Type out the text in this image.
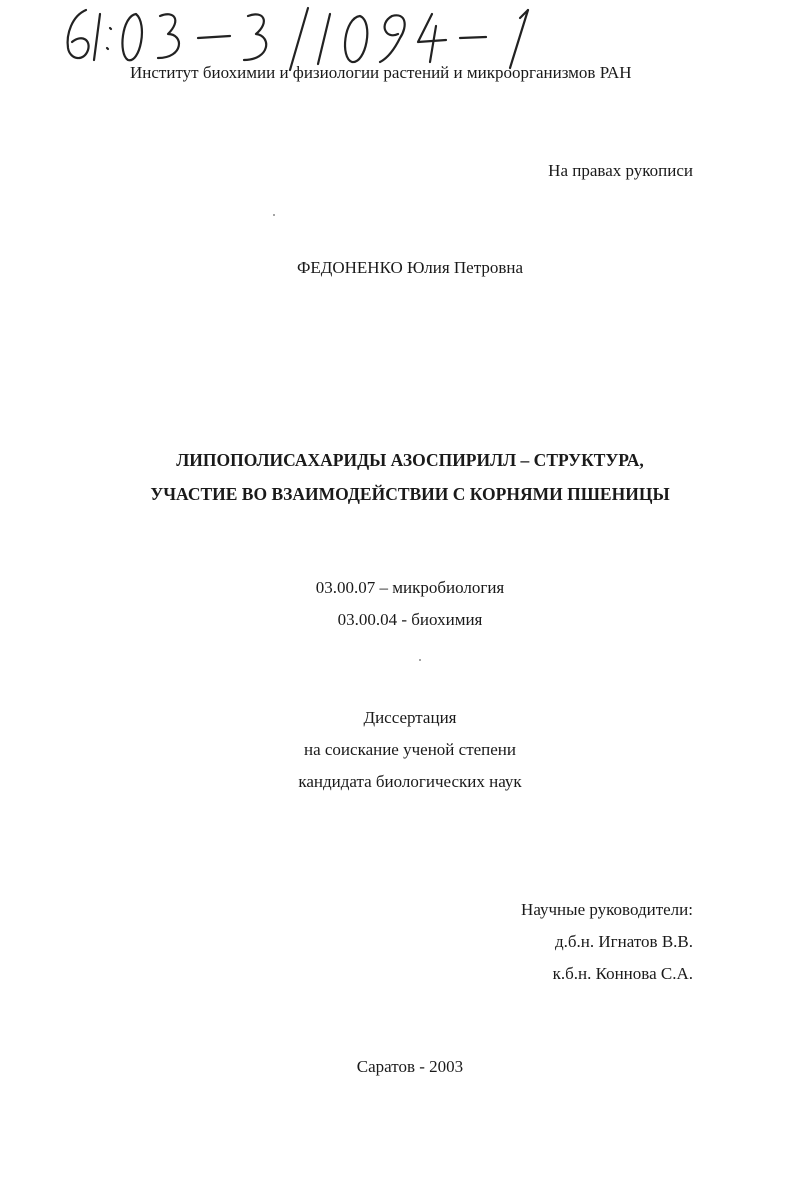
Институт биохимии и физиологии растений и микроорганизмов РАН
На правах рукописи
ФЕДОНЕНКО Юлия Петровна
ЛИПОПОЛИСАХАРИДЫ АЗОСПИРИЛЛ – СТРУКТУРА,
УЧАСТИЕ ВО ВЗАИМОДЕЙСТВИИ С КОРНЯМИ ПШЕНИЦЫ
03.00.07 – микробиология
03.00.04 - биохимия
Диссертация
на соискание ученой степени
кандидата биологических наук
Научные руководители:
д.б.н. Игнатов В.В.
к.б.н. Коннова С.А.
Саратов - 2003
